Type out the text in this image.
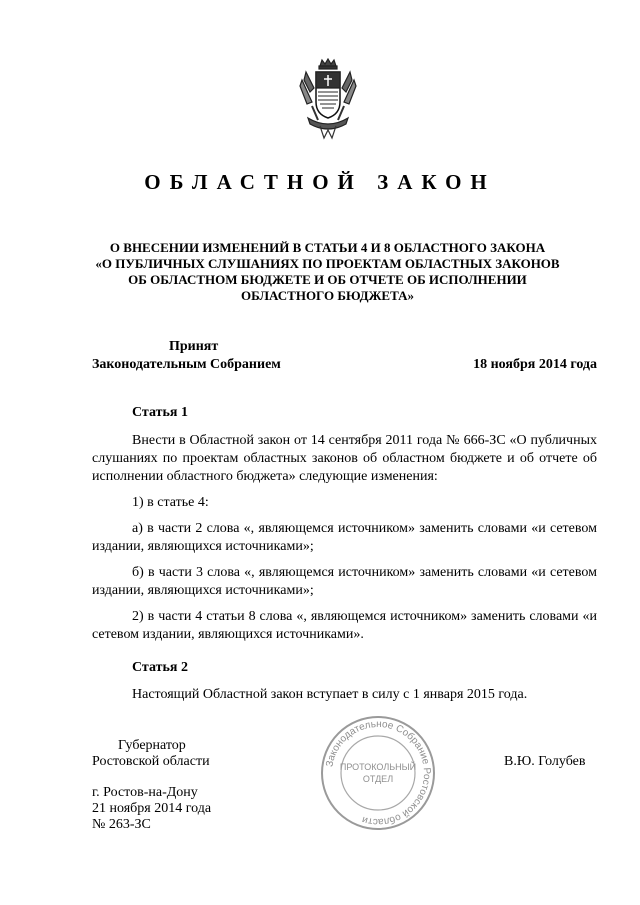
ОБЛАСТНОЙ ЗАКОН
О ВНЕСЕНИИ ИЗМЕНЕНИЙ В СТАТЬИ 4 И 8 ОБЛАСТНОГО ЗАКОНА
«О ПУБЛИЧНЫХ СЛУШАНИЯХ ПО ПРОЕКТАМ ОБЛАСТНЫХ ЗАКОНОВ
ОБ ОБЛАСТНОМ БЮДЖЕТЕ И ОБ ОТЧЕТЕ ОБ ИСПОЛНЕНИИ
ОБЛАСТНОГО БЮДЖЕТА»
Принят
Законодательным Собранием	18 ноября 2014 года
Статья 1

Внести в Областной закон от 14 сентября 2011 года № 666-ЗС «О публичных слушаниях по проектам областных законов об областном бюджете и об отчете об исполнении областного бюджета» следующие изменения:

1) в статье 4:

а) в части 2 слова «, являющемся источником» заменить словами «и сетевом издании, являющихся источниками»;

б) в части 3 слова «, являющемся источником» заменить словами «и сетевом издании, являющихся источниками»;

2) в части 4 статьи 8 слова «, являющемся источником» заменить словами «и сетевом издании, являющихся источниками».

Статья 2

Настоящий Областной закон вступает в силу с 1 января 2015 года.

Губернатор
Ростовской области	В.Ю. Голубев
Законодательное Собрание Ростовской области
ПРОТОКОЛЬНЫЙ
ОТДЕЛ
г. Ростов-на-Дону
21 ноября 2014 года
№ 263-ЗС
